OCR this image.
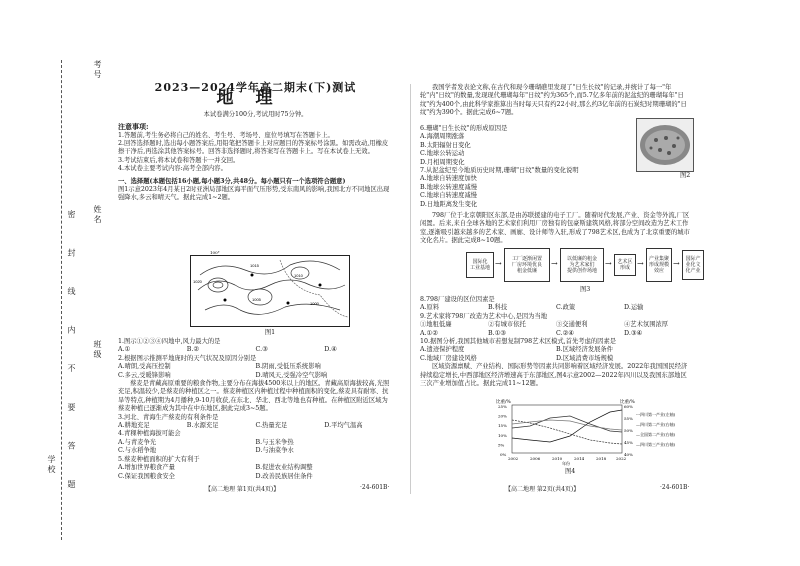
考号
姓名
班级
学校 密 封 线 内 不 要 答 题
2023—2024学年高二期末(下)测试
地理
本试卷满分100分,考试用时75分钟。
注意事项:

1.答题前,考生务必将自己的姓名、考生号、考场号、座位号填写在答题卡上。

2.回答选择题时,选出每小题答案后,用铅笔把答题卡上对应题目的答案标号涂黑。如需改动,用橡皮擦干净后,再选涂其他答案标号。回答非选择题时,将答案写在答题卡上。写在本试卷上无效。

3.考试结束后,将本试卷和答题卡一并交回。

4.本试卷主要考试内容:高考全部内容。

一、选择题(本题包括16小题,每小题3分,共48分。每小题只有一个选项符合题意)

图1示意2023年4月某日2时亚洲局部地区海平面气压形势,受东南风的影响,我国北方不同地区出现强降水,多云和晴天气。据此完成1~2题。

100°
1020
1015
1005
1010
1000
图1

1.图示①②③④四地中,风力最大的是

A.①	B.②	C.③	D.④

2.根据图示推测平地庞时的天气状况及原因分别是

A.晴朗,受高压控制	B.阴雨,受低压系统影响 C.多云,受暖锋影响	D.晴风天,受强冷空气影响

蔡麦是青藏高原重要的粮食作物,主要分布在海拔4500米以上的地区。青藏高原海拔较高,光照充足,积温较少,是蔡麦的种植区之一。蔡麦种植区内种植过程中种植面积的变化,蔡麦具有耐寒、抗旱等特点,种植期为4月播种,9-10月收获,在东北、华北、西北等地也有种植。在种植区附近区域为蔡麦种植已逐渐成为其中在中东地区,据此完成3~5题。

3.河北、青海生产蔡麦的有利条件是

A.耕地充足	B.水源充足	C.热量充足	D.平均气温高

4.青稞种植海拔可能会

A.与青麦争光	B.与玉米争热 C.与水稻争地	D.与油菜争水

5.蔡麦种植面积的扩大有利于

A.增加世界粮食产量	B.促进农业结构调整 C.保证我国粮食安全	D.改善民族居住条件
【高二地理 第1页(共4页)】	·24-601B·

我国学者发表论文称,在古代和现今珊瑚礁里发现了"日生长纹"的记录,并统计了每一"年轮"内"日纹"的数量,发现现代珊瑚每年"日纹"约为365个,而5.7亿多年前的泥盆纪的珊瑚每年"日纹"约为400个,由此科学家推算出当时每天只有约22小时,那么约3亿年前的石炭纪时期珊瑚的"日纹"约为390个。据此完成6~7题。

6.珊瑚"日生长纹"的形成原因是

A.海潮周期涨落

B.太阳辐射日变化

C.地球公转运动

D.月相周期变化

7.从泥盆纪至今地质历史时期,珊瑚"日纹"数量的变化说明

A.地球自转速度加快

B.地球公转速度减慢

C.地球自转速度减慢

D.日地距离发生变化

图2

798厂位于北京朝阳区东部,是由苏联援建的电子工厂。随着时代发展,产业、资金等外流,厂区闲置。后来,来自全球各地的艺术家们利用厂房独有的包豪斯建筑风格,将部分空间改造为艺术工作室,逐渐吸引越来越多的艺术家、画廊、设计师等入驻,形成了798艺术区,也成为了北京重要的城市文化名片。据此完成8~10题。

国际化
工业基地 →	工厂逐渐闲置
厂房环境优良
租金低廉
→	以低廉的租金
为艺术家们
提供创作场地
→	艺术区
形成 →	产业集聚
形成规模
效应
→	国际产
业化文
化产业
图3

8.798厂建设的区位因素是

A.原料	B.科技	C.政策	D.运输

9.艺术家将798厂改造为艺术中心,是因为当地

①地租低廉	②有城市依托	③交通便利	④艺术氛围浓厚
A.①②	B.①③	C.②④	D.③④

10.据图分析,我国其他城市若想复制798艺术区模式,首先考虑的因素是

A.遗迹保护程度	B.区域经济发展条件 C.地域厂房建设风格	D.区域消费市场规模

区域资源禀赋、产业结构、国际形势等因素共同影响着区域经济发展。2022年我国国民经济持续稳定增长,中西部地区经济增速高于东部地区,图4示意2002—2022年四川以及我国东部地区三次产业增加值占比。据此完成11~12题。

比重/%	比重/%
25%
20%
15%
10%
5%
0%
60%
55%
50%
45%
40%
2002	2006	2010	2014	2018 2022
年份
---四川第一产业(左轴)
—四川第二产业(右轴)
—全国第二产业(右轴)
—四川第三产业(右轴)
图4
【高二地理 第2页(共4页)】	·24-601B·
